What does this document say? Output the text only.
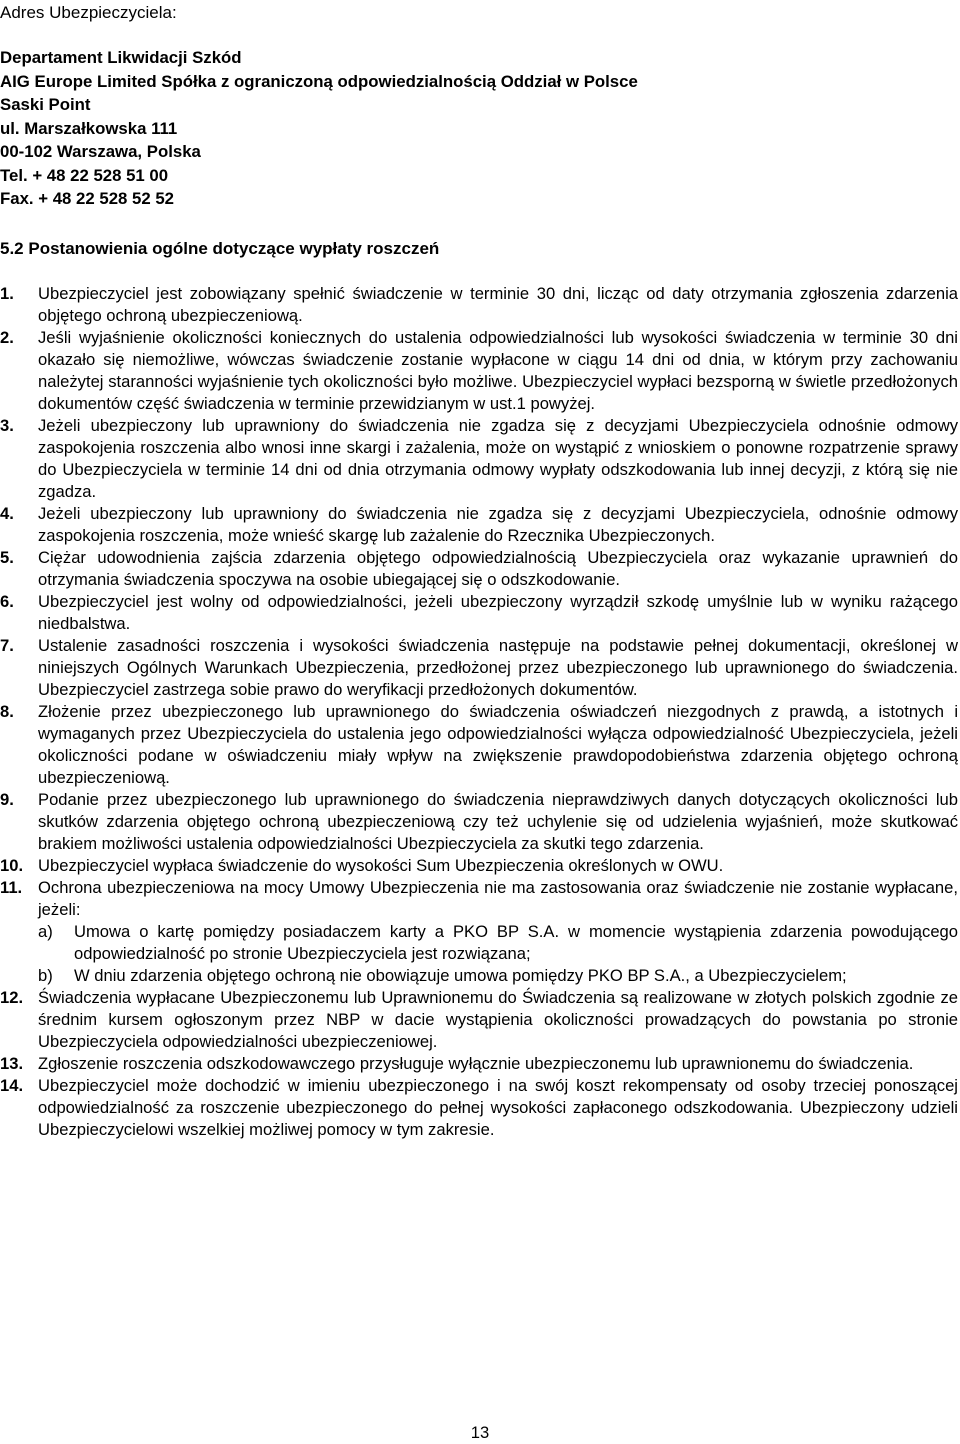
Adres Ubezpieczyciela:

Departament Likwidacji Szkód
AIG Europe Limited Spółka z ograniczoną odpowiedzialnością Oddział w Polsce
Saski Point
ul. Marszałkowska 111
00-102 Warszawa, Polska
Tel. + 48 22 528 51 00
Fax. + 48 22 528 52 52
5.2 Postanowienia ogólne dotyczące wypłaty roszczeń
1. Ubezpieczyciel jest zobowiązany spełnić świadczenie w terminie 30 dni, licząc od daty otrzymania zgłoszenia zdarzenia objętego ochroną ubezpieczeniową.
2. Jeśli wyjaśnienie okoliczności koniecznych do ustalenia odpowiedzialności lub wysokości świadczenia w terminie 30 dni okazało się niemożliwe, wówczas świadczenie zostanie wypłacone w ciągu 14 dni od dnia, w którym przy zachowaniu należytej staranności wyjaśnienie tych okoliczności było możliwe. Ubezpieczyciel wypłaci bezsporną w świetle przedłożonych dokumentów część świadczenia w terminie przewidzianym w ust.1 powyżej.
3. Jeżeli ubezpieczony lub uprawniony do świadczenia nie zgadza się z decyzjami Ubezpieczyciela odnośnie odmowy zaspokojenia roszczenia albo wnosi inne skargi i zażalenia, może on wystąpić z wnioskiem o ponowne rozpatrzenie sprawy do Ubezpieczyciela w terminie 14 dni od dnia otrzymania odmowy wypłaty odszkodowania lub innej decyzji, z którą się nie zgadza.
4. Jeżeli ubezpieczony lub uprawniony do świadczenia nie zgadza się z decyzjami Ubezpieczyciela, odnośnie odmowy zaspokojenia roszczenia, może wnieść skargę lub zażalenie do Rzecznika Ubezpieczonych.
5. Ciężar udowodnienia zajścia zdarzenia objętego odpowiedzialnością Ubezpieczyciela oraz wykazanie uprawnień do otrzymania świadczenia spoczywa na osobie ubiegającej się o odszkodowanie.
6. Ubezpieczyciel jest wolny od odpowiedzialności, jeżeli ubezpieczony wyrządził szkodę umyślnie lub w wyniku rażącego niedbalstwa.
7. Ustalenie zasadności roszczenia i wysokości świadczenia następuje na podstawie pełnej dokumentacji, określonej w niniejszych Ogólnych Warunkach Ubezpieczenia, przedłożonej przez ubezpieczonego lub uprawnionego do świadczenia. Ubezpieczyciel zastrzega sobie prawo do weryfikacji przedłożonych dokumentów.
8. Złożenie przez ubezpieczonego lub uprawnionego do świadczenia oświadczeń niezgodnych z prawdą, a istotnych i wymaganych przez Ubezpieczyciela do ustalenia jego odpowiedzialności wyłącza odpowiedzialność Ubezpieczyciela, jeżeli okoliczności podane w oświadczeniu miały wpływ na zwiększenie prawdopodobieństwa zdarzenia objętego ochroną ubezpieczeniową.
9. Podanie przez ubezpieczonego lub uprawnionego do świadczenia nieprawdziwych danych dotyczących okoliczności lub skutków zdarzenia objętego ochroną ubezpieczeniową czy też uchylenie się od udzielenia wyjaśnień, może skutkować brakiem możliwości ustalenia odpowiedzialności Ubezpieczyciela za skutki tego zdarzenia.
10. Ubezpieczyciel wypłaca świadczenie do wysokości Sum Ubezpieczenia określonych w OWU.
11. Ochrona ubezpieczeniowa na mocy Umowy Ubezpieczenia nie ma zastosowania oraz świadczenie nie zostanie wypłacane, jeżeli:
a) Umowa o kartę pomiędzy posiadaczem karty a PKO BP S.A. w momencie wystąpienia zdarzenia powodującego odpowiedzialność po stronie Ubezpieczyciela jest rozwiązana;
b) W dniu zdarzenia objętego ochroną nie obowiązuje umowa pomiędzy PKO BP S.A., a Ubezpieczycielem;
12. Świadczenia wypłacane Ubezpieczonemu lub Uprawnionemu do Świadczenia są realizowane w złotych polskich zgodnie ze średnim kursem ogłoszonym przez NBP w dacie wystąpienia okoliczności prowadzących do powstania po stronie Ubezpieczyciela odpowiedzialności ubezpieczeniowej.
13. Zgłoszenie roszczenia odszkodowawczego przysługuje wyłącznie ubezpieczonemu lub uprawnionemu do świadczenia.
14. Ubezpieczyciel może dochodzić w imieniu ubezpieczonego i na swój koszt rekompensaty od osoby trzeciej ponoszącej odpowiedzialność za roszczenie ubezpieczonego do pełnej wysokości zapłaconego odszkodowania. Ubezpieczony udzieli Ubezpieczycielowi wszelkiej możliwej pomocy w tym zakresie.
13
